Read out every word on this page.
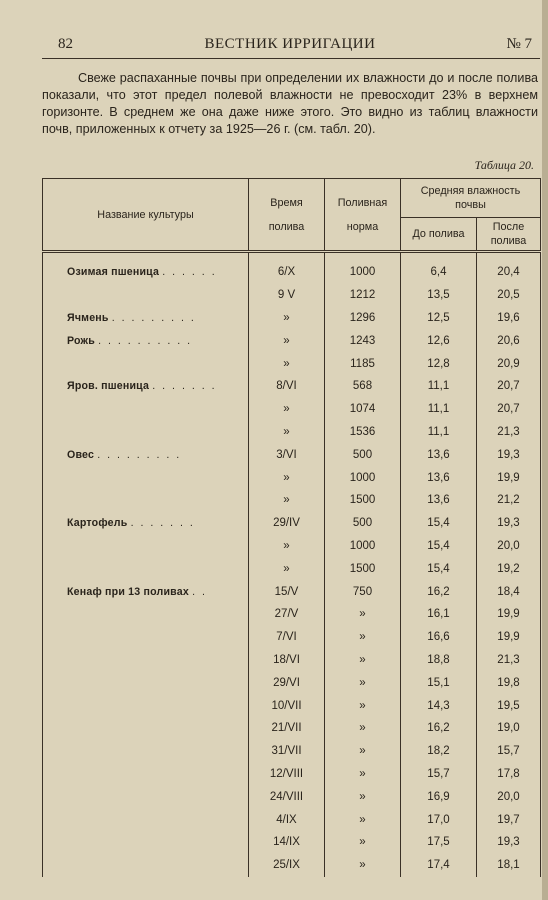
82	ВЕСТНИК ИРРИГАЦИИ	№ 7

Свеже распаханные почвы при определении их влажности до и после полива показали, что этот предел полевой влажности не превосходит 23% в верхнем горизонте. В среднем же она даже ниже этого. Это видно из таблиц влажности почв, приложенных к отчету за 1925—26 г. (см. табл. 20).

Таблица 20.
Название культуры	Время полива	Поливная норма	Средняя влажность почвы	
			До полива	После полива
Озимая пшеница . . . . . .	6/X	1000	6,4	20,4
	9 V	1212	13,5	20,5
Ячмень . . . . . . . . .	»	1296	12,5	19,6
Рожь . . . . . . . . . .	»	1243	12,6	20,6
	»	1185	12,8	20,9
Яров. пшеница . . . . . . .	8/VI	568	11,1	20,7
	»	1074	11,1	20,7
	»	1536	11,1	21,3
Овес . . . . . . . . .	3/VI	500	13,6	19,3
	»	1000	13,6	19,9
	»	1500	13,6	21,2
Картофель . . . . . . .	29/IV	500	15,4	19,3
	»	1000	15,4	20,0
	»	1500	15,4	19,2
Кенаф при 13 поливах . .	15/V	750	16,2	18,4
	27/V	»	16,1	19,9
	7/VI	»	16,6	19,9
	18/VI	»	18,8	21,3
	29/VI	»	15,1	19,8
	10/VII	»	14,3	19,5
	21/VII	»	16,2	19,0
	31/VII	»	18,2	15,7
	12/VIII	»	15,7	17,8
	24/VIII	»	16,9	20,0
	4/IX	»	17,0	19,7
	14/IX	»	17,5	19,3
	25/IX	»	17,4	18,1
